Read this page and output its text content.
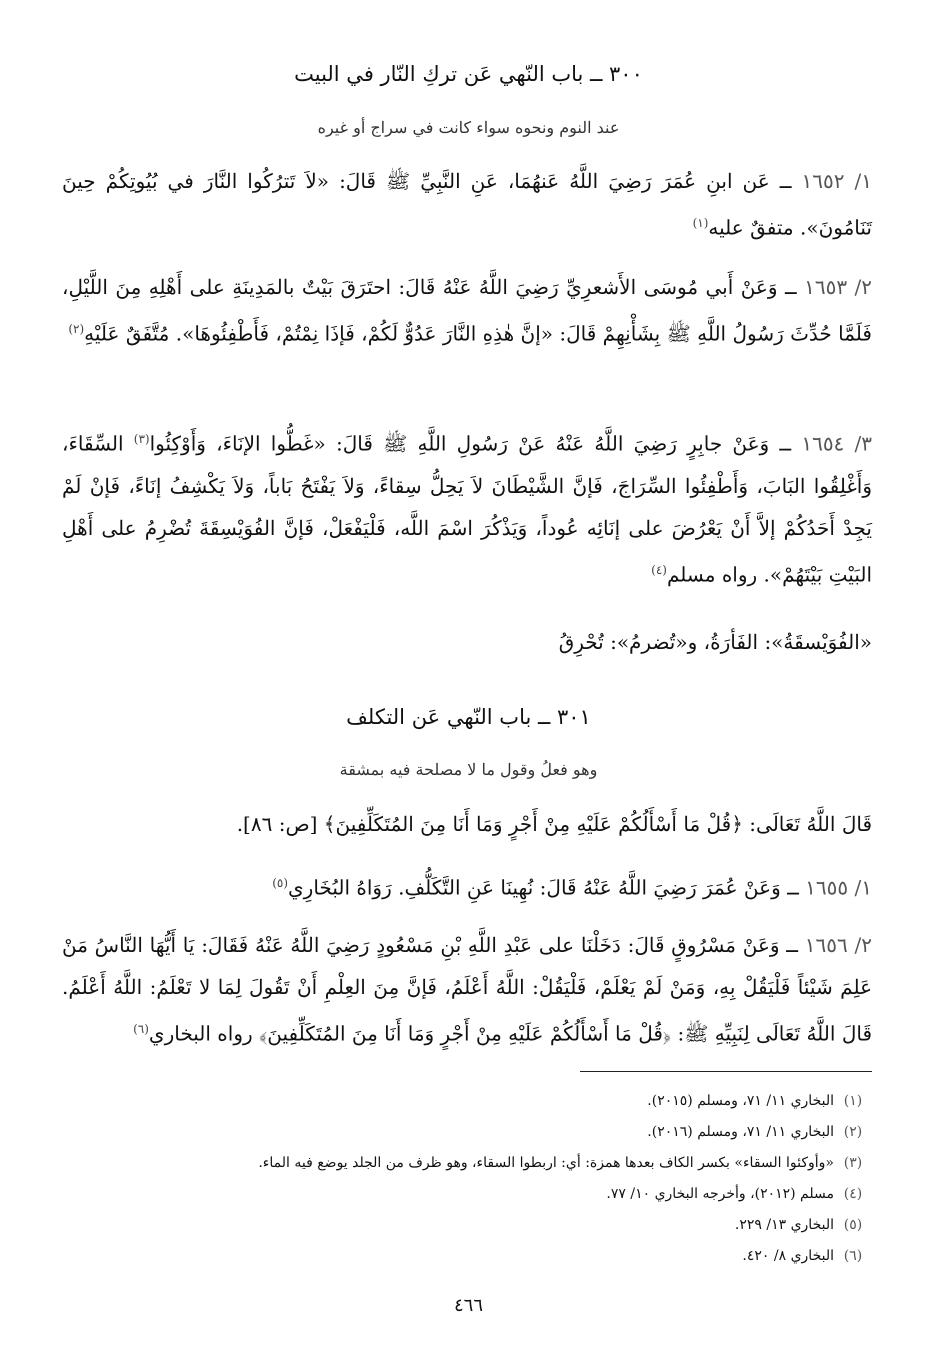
٣٠٠ ــ باب النّهي عَن تركِ النّار في البيت
عند النوم ونحوه سواء كانت في سراج أو غيره
١/ ١٦٥٢ ــ عَن ابنِ عُمَرَ رَضِيَ اللَّهُ عَنهُمَا، عَنِ النَّبِيِّ ﷺ قَالَ: «لاَ تَترُكُوا النَّارَ في بُيُوتِكُمْ حِينَ تَنَامُونَ». متفقٌ عليه$^{(١)}$
٢/ ١٦٥٣ ــ وَعَنْ أَبي مُوسَى الأَشعرِيِّ رَضِيَ اللَّهُ عَنْهُ قَالَ: احتَرَقَ بَيْتٌ بالمَدِينَةِ على أَهْلِهِ مِنَ اللَّيْلِ، فَلَمَّا حُدِّثَ رَسُولُ اللَّهِ ﷺ بِشَأْنِهِمْ قَالَ: «إنَّ هٰذِهِ النَّارَ عَدُوٌّ لَكُمْ، فَإذَا نِمْتُمْ، فَأَطْفِئُوهَا». مُتَّفَقٌ عَلَيْهِ$^{(٢)}$
٣/ ١٦٥٤ ــ وَعَنْ جابِرٍ رَضِيَ اللَّهُ عَنْهُ عَنْ رَسُولِ اللَّهِ ﷺ قَالَ: «غَطُّوا الإنَاءَ، وَأَوْكِئُوا$^{(٣)}$ السِّقَاءَ، وَأَغْلِقُوا البَابَ، وَأَطْفِئُوا السِّرَاجَ، فَإنَّ الشَّيْطَانَ لاَ يَحِلُّ سِقاءً، وَلاَ يَفْتَحُ بَاباً، وَلاَ يَكْشِفُ إنَاءً، فَإنْ لَمْ يَجِدْ أَحَدُكُمْ إلاَّ أَنْ يَعْرُضَ على إنَائِه عُوداً، وَيَذْكُرَ اسْمَ اللَّه، فَلْيَفْعَلْ، فَإنَّ الفُوَيْسِقَةَ تُضْرِمُ على أَهْلِ البَيْتِ بَيْتَهُمْ». رواه مسلم$^{(٤)}$
«الفُوَيْسقَةُ»: الفَأرَةُ، و«تُضرمُ»: تُحْرِقُ
٣٠١ ــ باب النّهي عَن التكلف
وهو فعلُ وقول ما لا مصلحة فيه بمشقة
قَالَ اللَّهُ تَعَالَى: ﴿قُلْ مَا أَسْأَلُكُمْ عَلَيْهِ مِنْ أَجْرٍ وَمَا أَنَا مِنَ المُتَكَلِّفِينَ﴾ [ص: ٨٦].
١/ ١٦٥٥ ــ وَعَنْ عُمَرَ رَضِيَ اللَّهُ عَنْهُ قَالَ: نُهِينَا عَنِ التَّكَلُّفِ. رَوَاهُ البُخَارِي$^{(٥)}$
٢/ ١٦٥٦ ــ وَعَنْ مَسْرُوقٍ قَالَ: دَخَلْنَا على عَبْدِ اللَّهِ بْنِ مَسْعُودٍ رَضِيَ اللَّهُ عَنْهُ فَقَالَ: يَا أَيُّهَا النَّاسُ مَنْ عَلِمَ شَيْئاً فَلْيَقُلْ بِهِ، وَمَنْ لَمْ يَعْلَمْ، فَلْيَقُلْ: اللَّهُ أَعْلَمُ، فَإنَّ مِنَ العِلْمِ أَنْ تَقُولَ لِمَا لا تَعْلَمُ: اللَّهُ أَعْلَمُ. قَالَ اللَّهُ تَعَالَى لِنَبِيِّهِ ﷺ: ﴿قُلْ مَا أَسْأَلُكُمْ عَلَيْهِ مِنْ أَجْرٍ وَمَا أَنَا مِنَ المُتَكَلِّفِينَ﴾ رواه البخاري$^{(٦)}$
(١)البخاري ١١/ ٧١، ومسلم (٢٠١٥).
(٢)البخاري ١١/ ٧١، ومسلم (٢٠١٦).
(٣)«وأوكئوا السقاء» بكسر الكاف بعدها همزة: أي: اربطوا السقاء، وهو ظرف من الجلد يوضع فيه الماء.
(٤)مسلم (٢٠١٢)، وأخرجه البخاري ١٠/ ٧٧.
(٥)البخاري ١٣/ ٢٢٩.
(٦)البخاري ٨/ ٤٢٠.
٤٦٦
